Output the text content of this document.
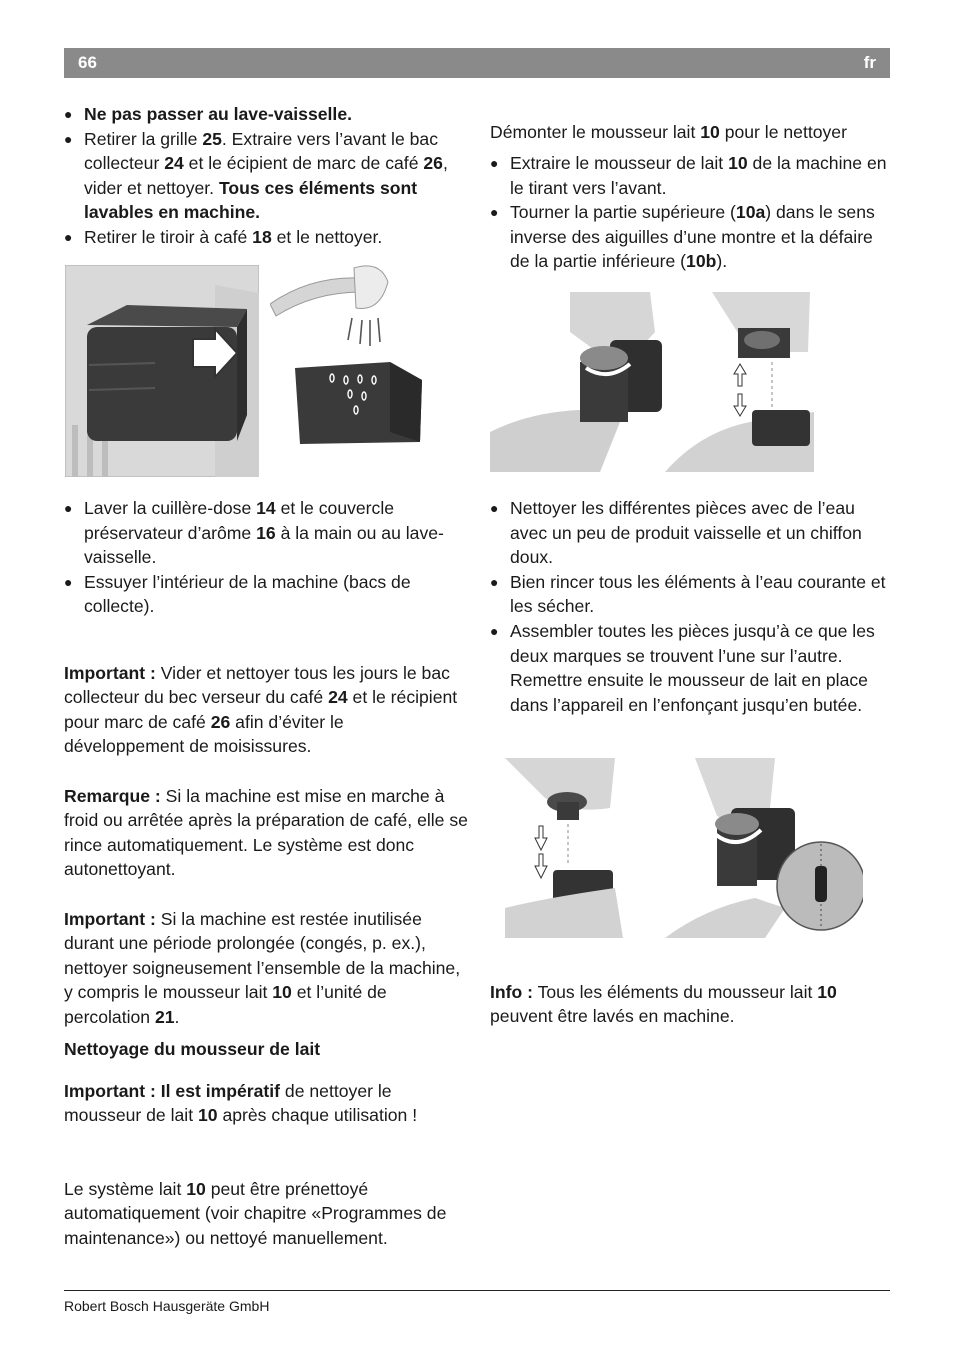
66	fr
● Ne pas passer au lave-vaisselle.
● Retirer la grille 25. Extraire vers l’avant le bac collecteur 24 et le écipient de marc de café 26, vider et nettoyer. Tous ces éléments sont lavables en machine.
● Retirer le tiroir à café 18 et le nettoyer.
● Laver la cuillère-dose 14 et le couvercle préservateur d’arôme 16 à la main ou au lave-vaisselle.
● Essuyer l’intérieur de la machine (bacs de collecte).

Important : Vider et nettoyer tous les jours le bac collecteur du bec verseur du café 24 et le récipient pour marc de café 26 afin d’éviter le développement de moisissures.

Remarque : Si la machine est mise en marche à froid ou arrêtée après la préparation de café, elle se rince automatiquement. Le système est donc autonettoyant.

Important : Si la machine est restée inutilisée durant une période prolongée (congés, p. ex.), nettoyer soigneusement l’ensemble de la machine, y compris le mousseur lait 10 et l’unité de percolation 21.

Nettoyage du mousseur de lait

Important : Il est impératif de nettoyer le mousseur de lait 10 après chaque utilisation !

Le système lait 10 peut être prénettoyé automatiquement (voir chapitre «Programmes de maintenance») ou nettoyé manuellement.

Démonter le mousseur lait 10 pour le nettoyer

● Extraire le mousseur de lait 10 de la machine en le tirant vers l’avant.
● Tourner la partie supérieure (10a) dans le sens inverse des aiguilles d’une montre et la défaire de la partie inférieure (10b).
● Nettoyer les différentes pièces avec de l’eau avec un peu de produit vaisselle et un chiffon doux.
● Bien rincer tous les éléments à l’eau courante et les sécher.
● Assembler toutes les pièces jusqu’à ce que les deux marques se trouvent l’une sur l’autre. Remettre ensuite le mousseur de lait en place dans l’appareil en l’enfonçant jusqu’en butée.

Info : Tous les éléments du mousseur lait 10 peuvent être lavés en machine.

Robert Bosch Hausgeräte GmbH
